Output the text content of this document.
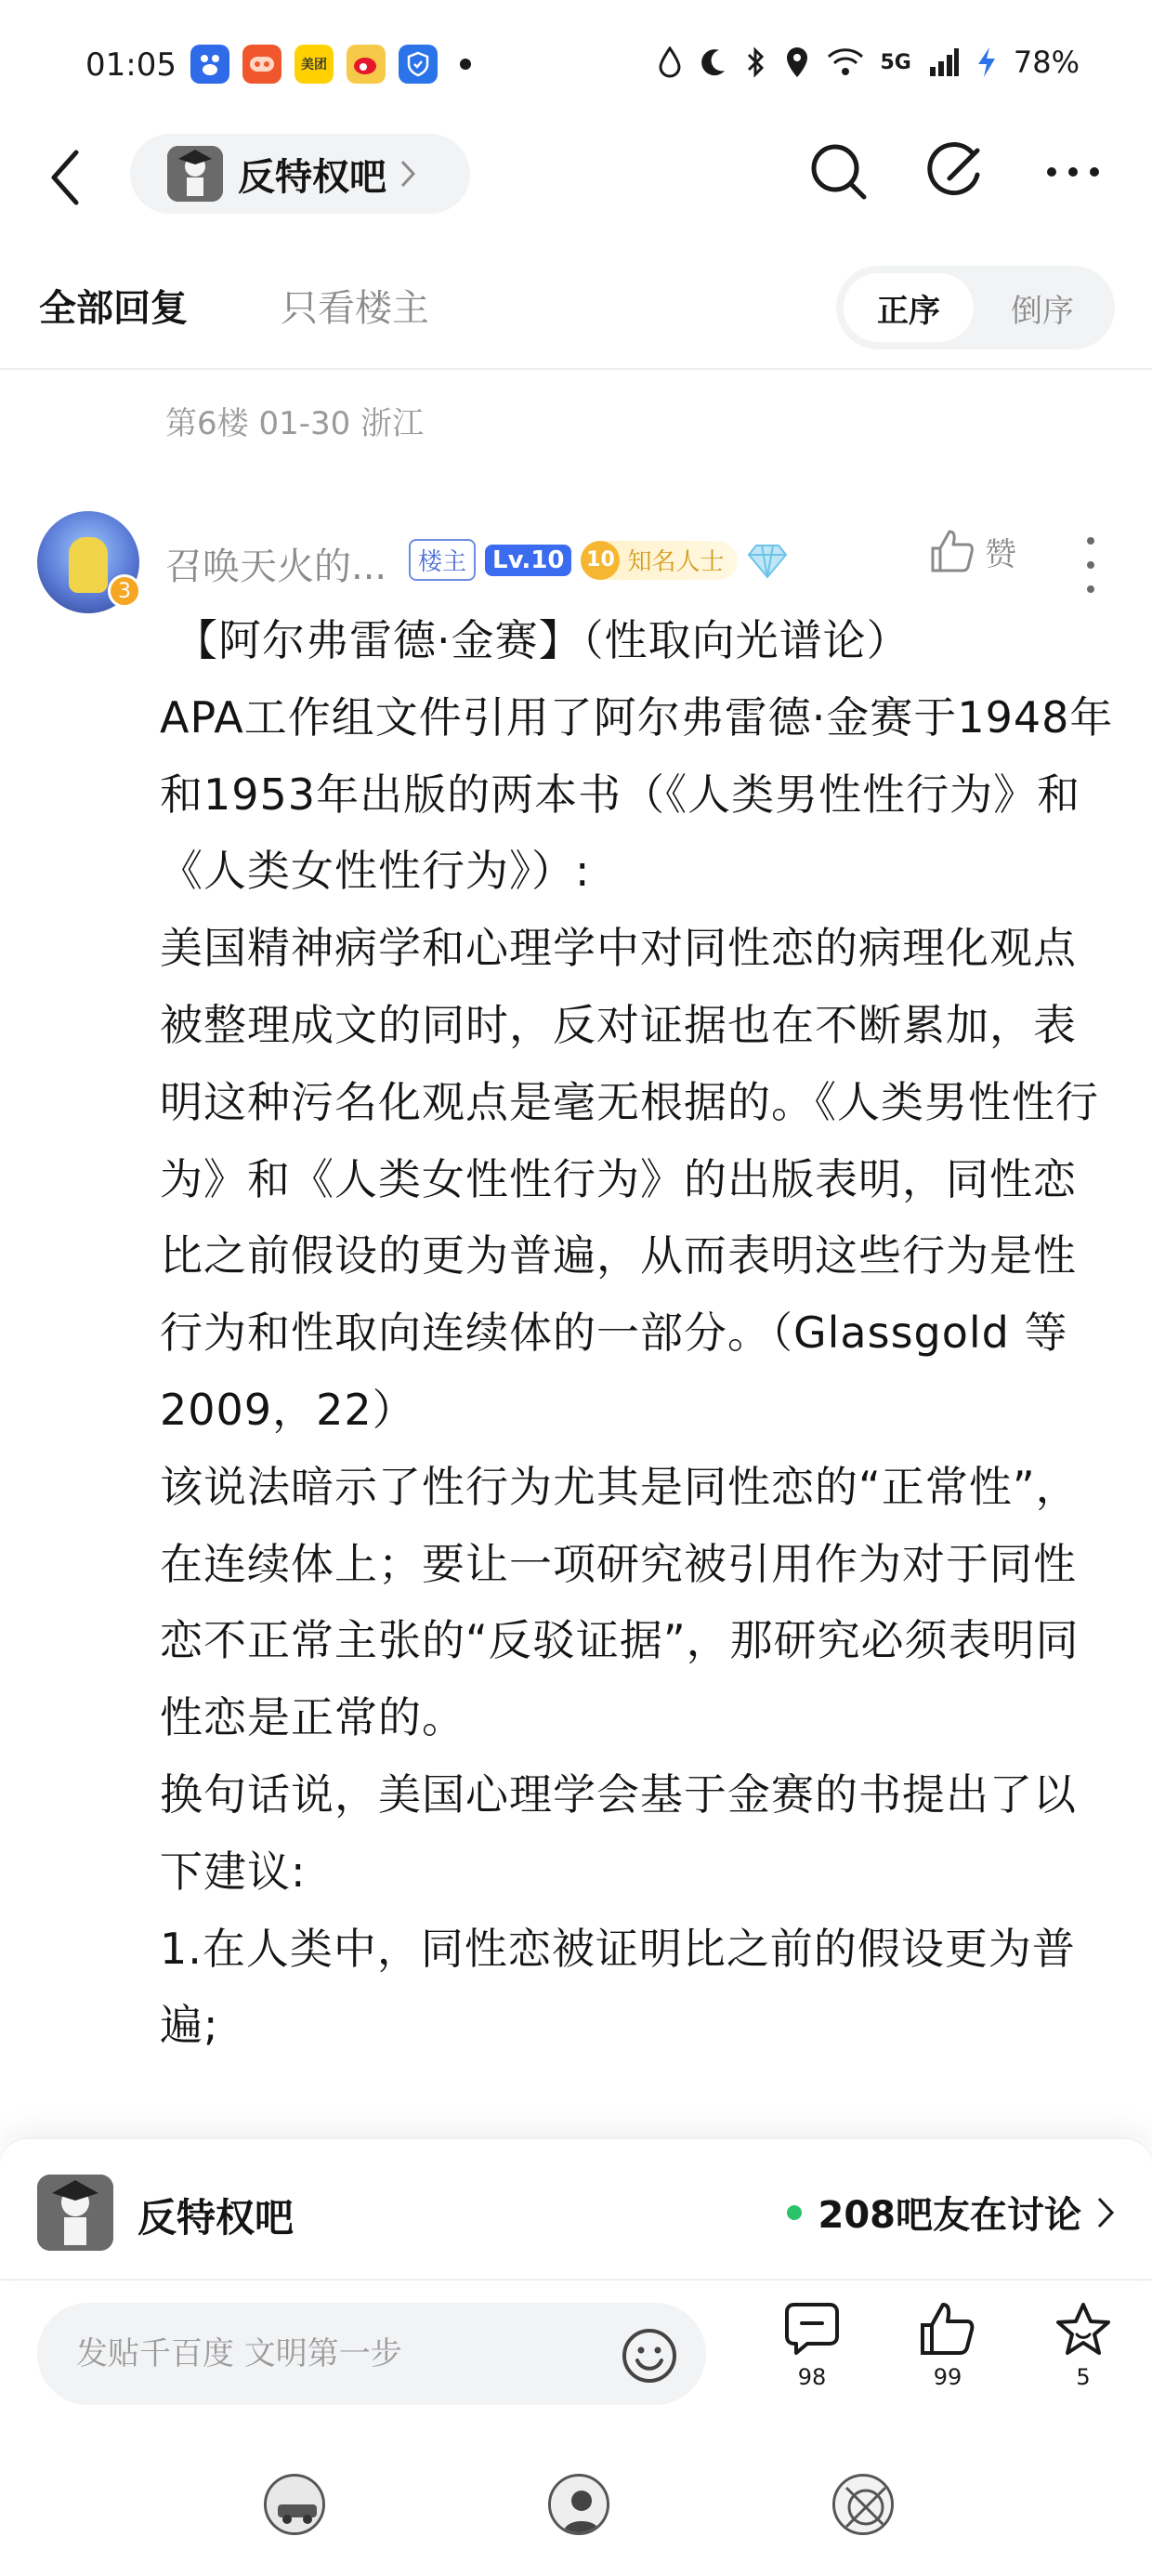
01:05	美团	5G	78%
反特权吧
全部回复	只看楼主	正序	倒序
第6楼 01-30 浙江
3
召唤天火的...	楼主	Lv.10	10 知名人士	赞

【阿尔弗雷德·金赛】（性取向光谱论）

APA工作组文件引用了阿尔弗雷德·金赛于1948年和1953年出版的两本书（《人类男性性行为》和《人类女性性行为》）:

美国精神病学和心理学中对同性恋的病理化观点被整理成文的同时，反对证据也在不断累加，表明这种污名化观点是毫无根据的。《人类男性性行为》和《人类女性性行为》的出版表明，同性恋比之前假设的更为普遍，从而表明这些行为是性行为和性取向连续体的一部分。（Glassgold 等2009，22）

该说法暗示了性行为尤其是同性恋的“正常性”，在连续体上；要让一项研究被引用作为对于同性恋不正常主张的“反驳证据”，那研究必须表明同性恋是正常的。

换句话说，美国心理学会基于金赛的书提出了以下建议:

1.在人类中，同性恋被证明比之前的假设更为普遍;

反特权吧	208吧友在讨论
发贴千百度 文明第一步
98	99	5
